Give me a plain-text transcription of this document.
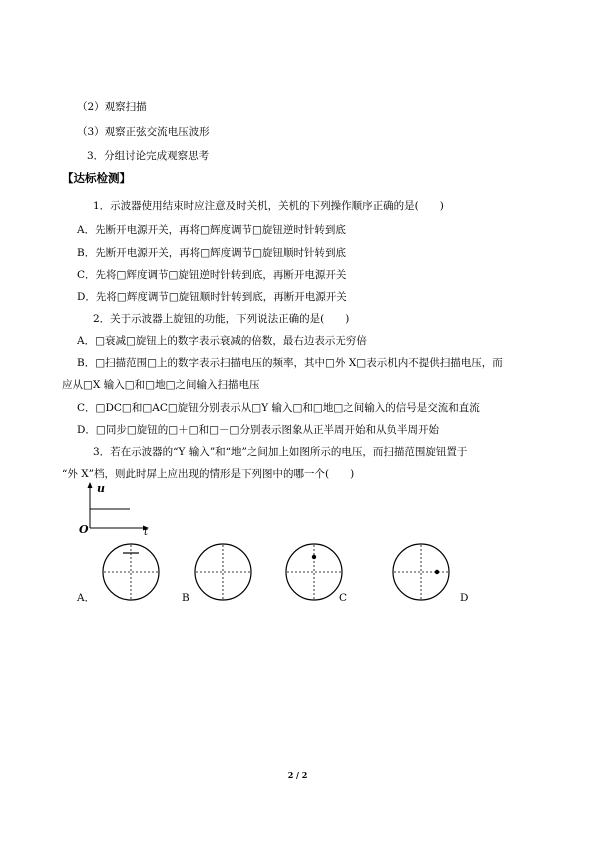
（2）观察扫描
（3）观察正弦交流电压波形
3．分组讨论完成观察思考
【达标检测】
1．示波器使用结束时应注意及时关机，关机的下列操作顺序正确的是(　　)
A．先断开电源开关，再将□辉度调节□旋钮逆时针转到底
B．先断开电源开关，再将□辉度调节□旋钮顺时针转到底
C．先将□辉度调节□旋钮逆时针转到底，再断开电源开关
D．先将□辉度调节□旋钮顺时针转到底，再断开电源开关
2．关于示波器上旋钮的功能，下列说法正确的是(　　)
A．□衰减□旋钮上的数字表示衰减的倍数，最右边表示无穷倍
B．□扫描范围□上的数字表示扫描电压的频率，其中□外 X□表示机内不提供扫描电压，而
应从□X 输入□和□地□之间输入扫描电压
C．□DC□和□AC□旋钮分别表示从□Y 输入□和□地□之间输入的信号是交流和直流
D．□同步□旋钮的□＋□和□－□分别表示图象从正半周开始和从负半周开始
3．若在示波器的“Y 输入”和“地”之间加上如图所示的电压，而扫描范围旋钮置于
“外 X”档，则此时屏上应出现的情形是下列图中的哪一个(　　)
u
t
O
A．	B	C	D
2 / 2
